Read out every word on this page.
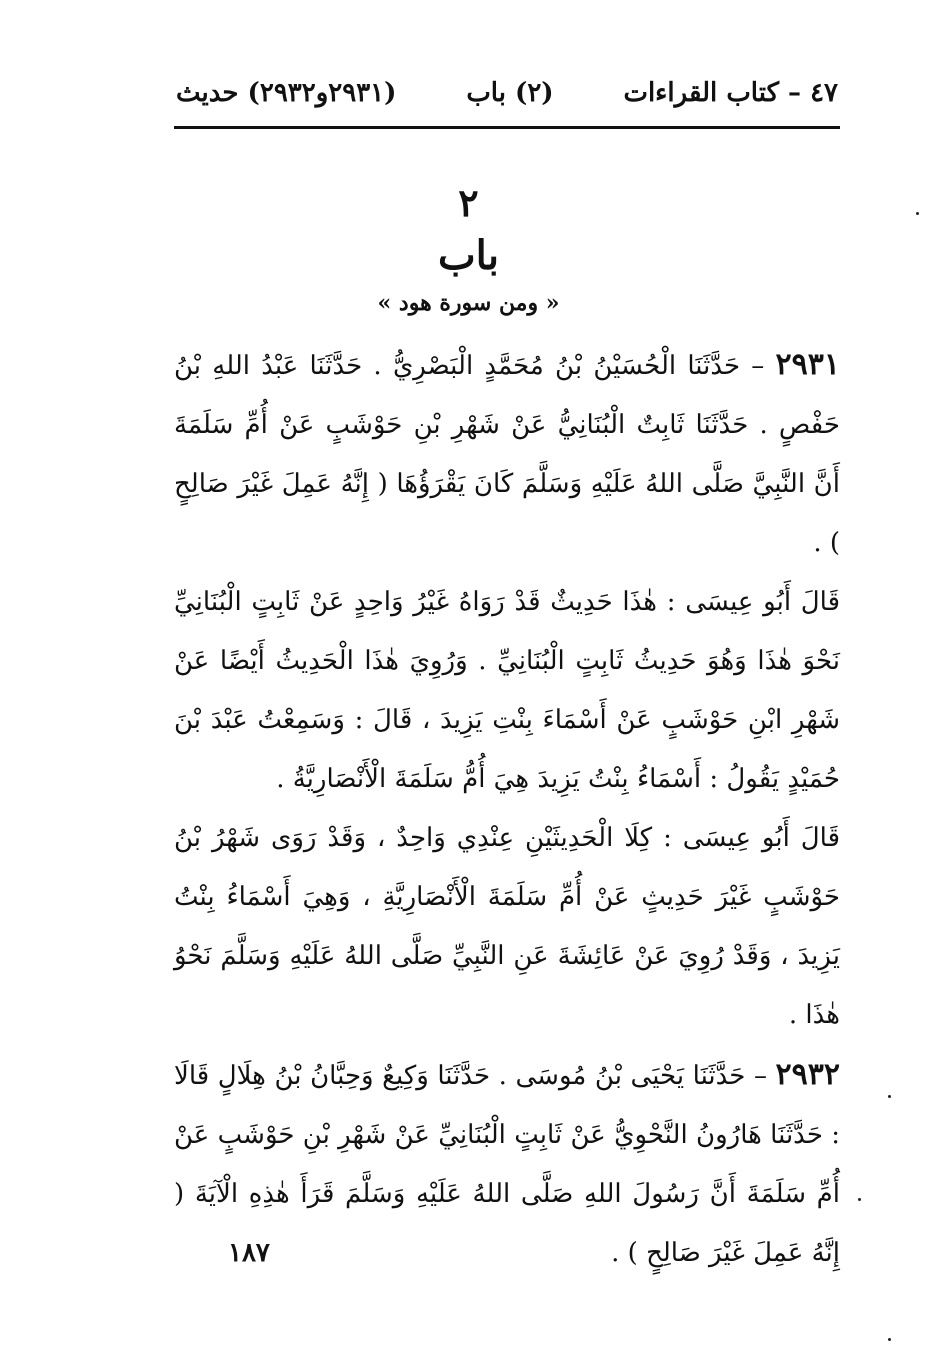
٤٧ – كتاب القراءات
(٢) باب
(٢٩٣١و٢٩٣٢) حديث
٢
باب
« ومن سورة هود »

٢٩٣١ – حَدَّثَنَا الْحُسَيْنُ بْنُ مُحَمَّدٍ الْبَصْرِيُّ . حَدَّثَنَا عَبْدُ اللهِ بْنُ حَفْصٍ . حَدَّثَنَا ثَابِتٌ الْبُنَانِيُّ عَنْ شَهْرِ بْنِ حَوْشَبٍ عَنْ أُمِّ سَلَمَةَ أَنَّ النَّبِيَّ صَلَّى اللهُ عَلَيْهِ وَسَلَّمَ كَانَ يَقْرَؤُهَا ( إِنَّهُ عَمِلَ غَيْرَ صَالِحٍ ) .

قَالَ أَبُو عِيسَى : هٰذَا حَدِيثٌ قَدْ رَوَاهُ غَيْرُ وَاحِدٍ عَنْ ثَابِتٍ الْبُنَانِيِّ نَحْوَ هٰذَا وَهُوَ حَدِيثُ ثَابِتٍ الْبُنَانِيِّ . وَرُوِيَ هٰذَا الْحَدِيثُ أَيْضًا عَنْ شَهْرِ ابْنِ حَوْشَبٍ عَنْ أَسْمَاءَ بِنْتِ يَزِيدَ ، قَالَ : وَسَمِعْتُ عَبْدَ بْنَ حُمَيْدٍ يَقُولُ : أَسْمَاءُ بِنْتُ يَزِيدَ هِيَ أُمُّ سَلَمَةَ الْأَنْصَارِيَّةُ .

قَالَ أَبُو عِيسَى : كِلَا الْحَدِيثَيْنِ عِنْدِي وَاحِدٌ ، وَقَدْ رَوَى شَهْرُ بْنُ حَوْشَبٍ غَيْرَ حَدِيثٍ عَنْ أُمِّ سَلَمَةَ الْأَنْصَارِيَّةِ ، وَهِيَ أَسْمَاءُ بِنْتُ يَزِيدَ ، وَقَدْ رُوِيَ عَنْ عَائِشَةَ عَنِ النَّبِيِّ صَلَّى اللهُ عَلَيْهِ وَسَلَّمَ نَحْوُ هٰذَا .

٢٩٣٢ – حَدَّثَنَا يَحْيَى بْنُ مُوسَى . حَدَّثَنَا وَكِيعٌ وَحِبَّانُ بْنُ هِلَالٍ قَالَا : حَدَّثَنَا هَارُونُ النَّحْوِيُّ عَنْ ثَابِتٍ الْبُنَانِيِّ عَنْ شَهْرِ بْنِ حَوْشَبٍ عَنْ أُمِّ سَلَمَةَ أَنَّ رَسُولَ اللهِ صَلَّى اللهُ عَلَيْهِ وَسَلَّمَ قَرَأَ هٰذِهِ الْآيَةَ ( إِنَّهُ عَمِلَ غَيْرَ صَالِحٍ ) .

١٨٧
